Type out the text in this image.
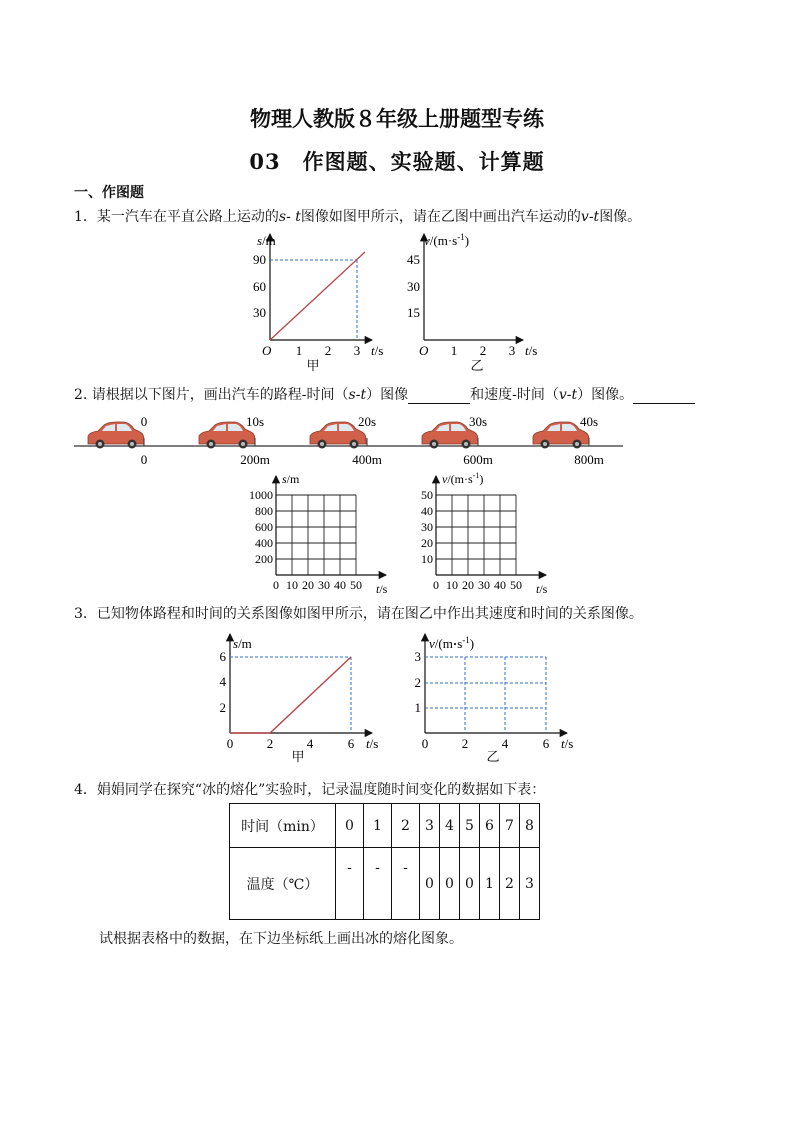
物理人教版８年级上册题型专练
03　作图题、实验题、计算题
一、作图题
1．某一汽车在平直公路上运动的s- t图像如图甲所示，请在乙图中画出汽车运动的v-t图像。
s/m
90
60
30
O 1 2 3 t/s
甲
$v/(m\cdot s^{-1})$
45
30
15
O 1 2 3 t/s
乙
2. 请根据以下图片，画出汽车的路程-时间（s-t）图像	和速度-时间（v-t）图像。
0	10s	20s	30s	40s
0	200m	400m	600m	800m
s/m
1000
800
600
400
200
0 10 20 30 40 50 t/s
$v/(m\cdot s^{-1})$
50
40
30
20
10
0 10 20 30 40 50 t/s
3．已知物体路程和时间的关系图像如图甲所示，请在图乙中作出其速度和时间的关系图像。
s/m
6
4
2
0	2	4	6 t/s
甲
$v/(m\cdot s^{-1})$
3
2
1
0	2	4	6 t/s
乙
4．娟娟同学在探究“冰的熔化”实验时，记录温度随时间变化的数据如下表：
时间（min）	0	1	2	3	4	5	6	7	8
温度（℃）	-	-	-	0	0	0	1	2	3
试根据表格中的数据，在下边坐标纸上画出冰的熔化图象。
